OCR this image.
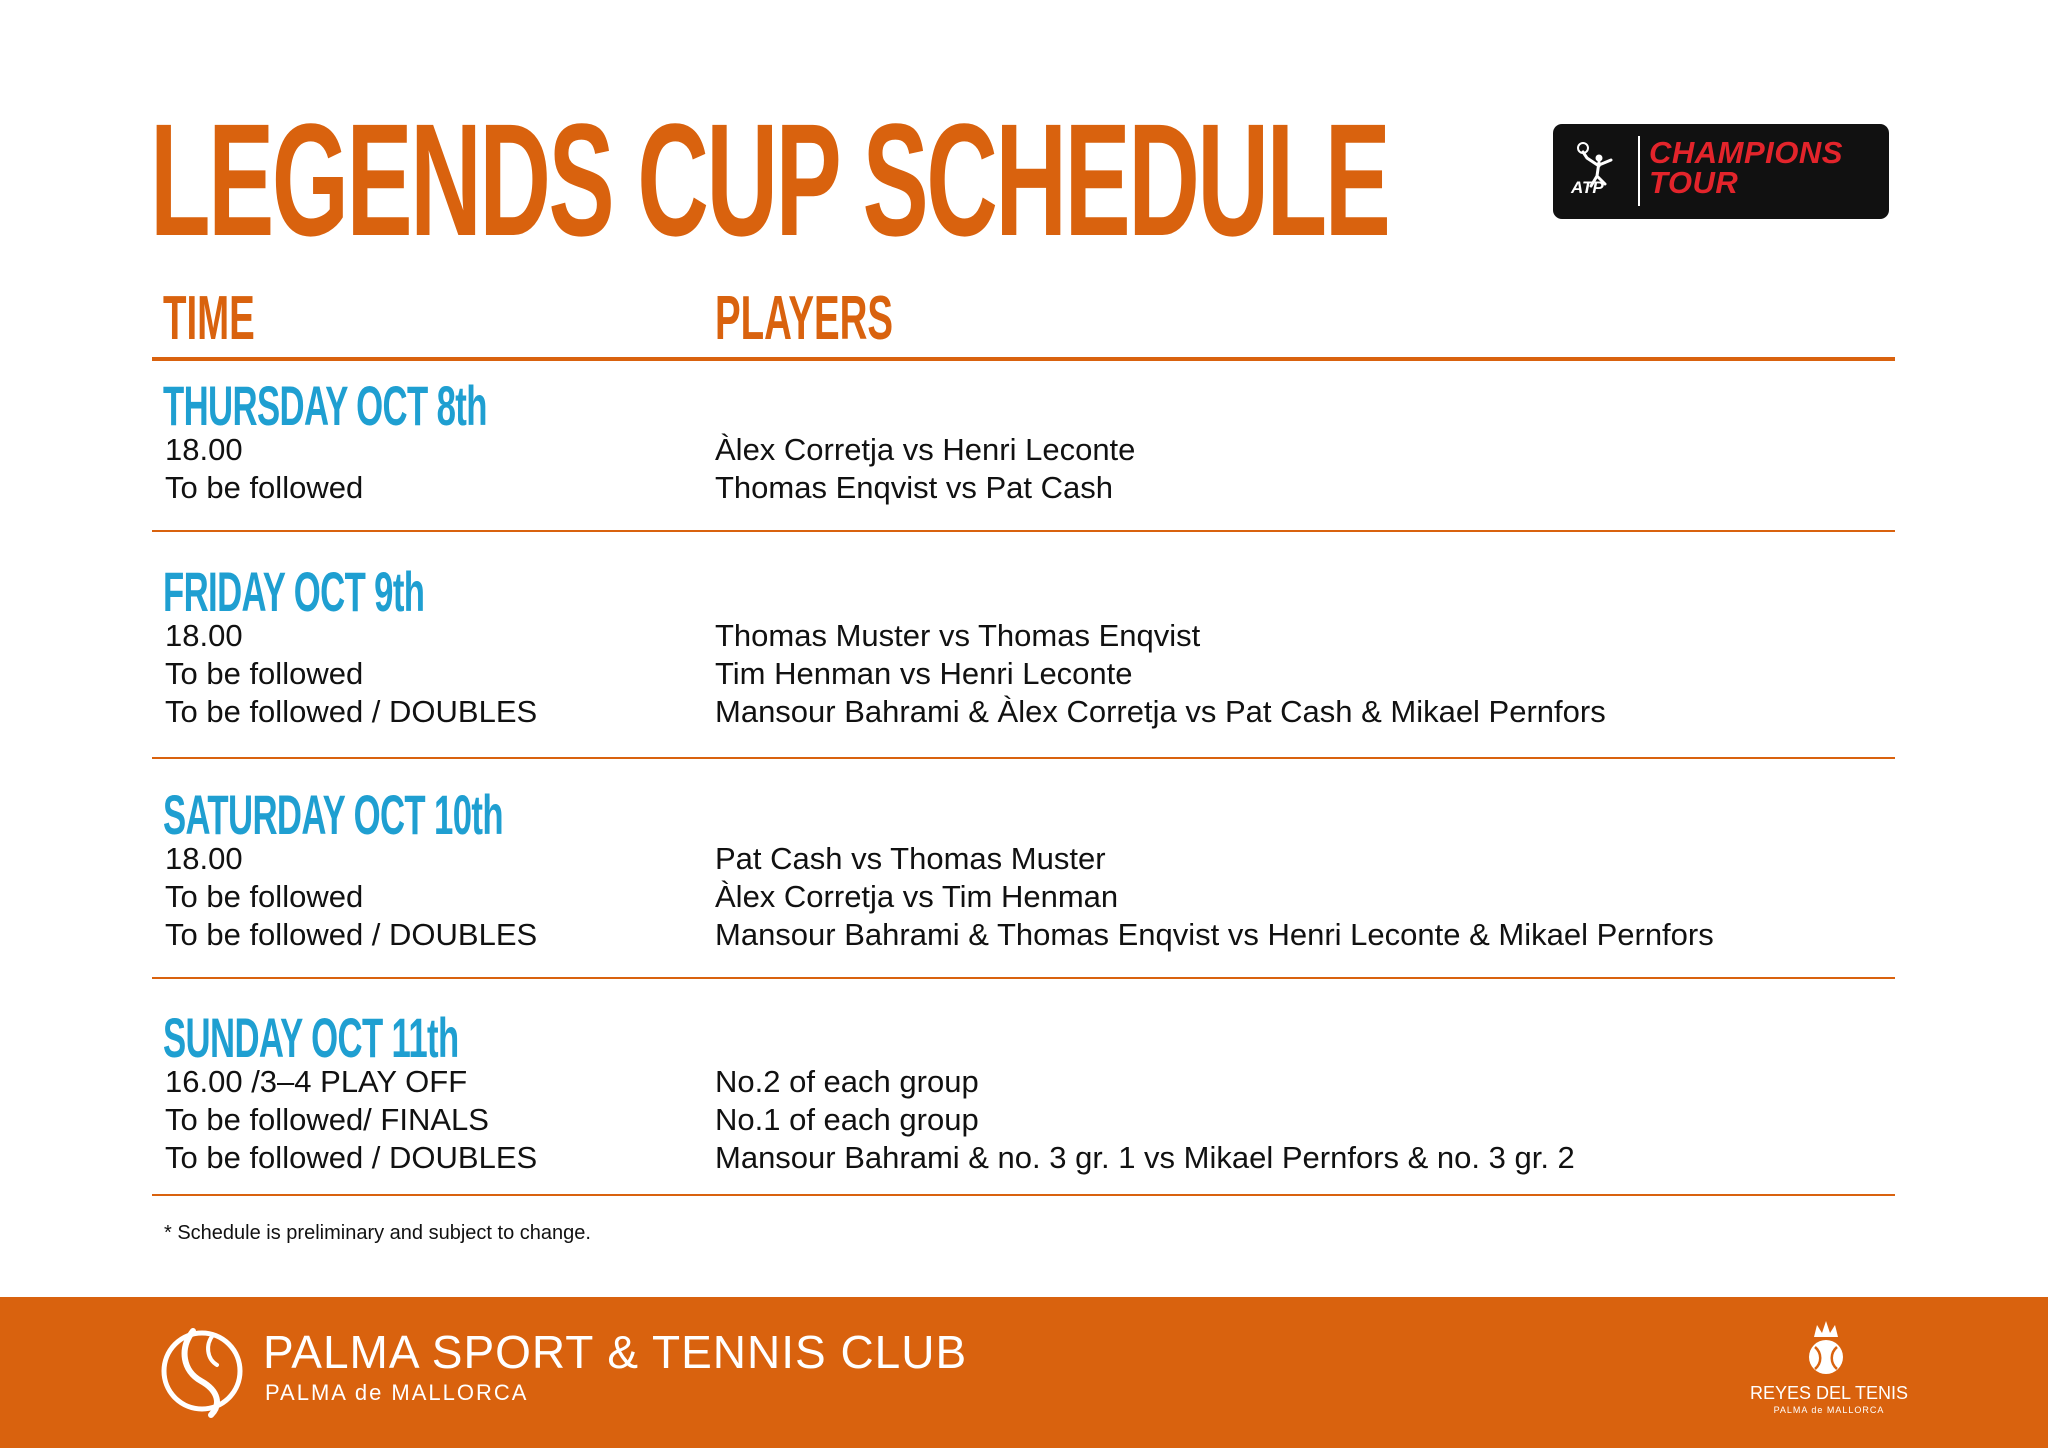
LEGENDS CUP SCHEDULE	ATP
CHAMPIONS
TOUR
TIME	PLAYERS
THURSDAY OCT 8th
18.00	Àlex Corretja vs Henri Leconte
To be followed	Thomas Enqvist vs Pat Cash
FRIDAY OCT 9th
18.00	Thomas Muster vs Thomas Enqvist
To be followed	Tim Henman vs Henri Leconte
To be followed / DOUBLES	Mansour Bahrami & Àlex Corretja vs Pat Cash & Mikael Pernfors
SATURDAY OCT 10th
18.00	Pat Cash vs Thomas Muster
To be followed	Àlex Corretja vs Tim Henman
To be followed / DOUBLES	Mansour Bahrami & Thomas Enqvist vs Henri Leconte & Mikael Pernfors
SUNDAY OCT 11th
16.00 /3–4 PLAY OFF	No.2 of each group
To be followed/ FINALS	No.1 of each group
To be followed / DOUBLES	Mansour Bahrami & no. 3 gr. 1 vs Mikael Pernfors & no. 3 gr. 2
* Schedule is preliminary and subject to change.
PALMA SPORT & TENNIS CLUB
PALMA de MALLORCA	REYES DEL TENIS
PALMA de MALLORCA
